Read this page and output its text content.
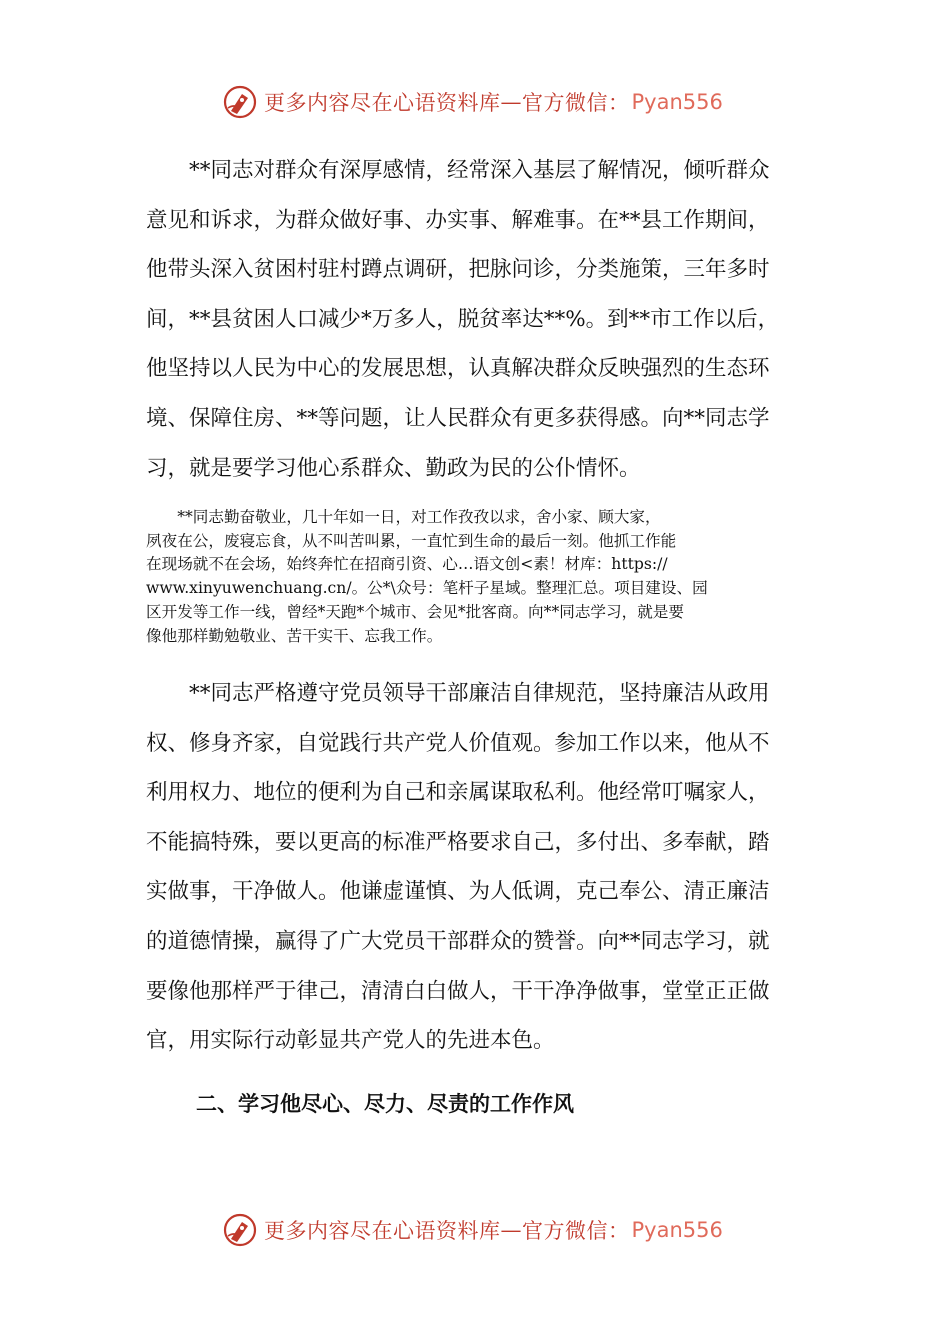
更多内容尽在心语资料库 — 官方微信： Pyan556
　　**同志对群众有深厚感情，经常深入基层了解情况，倾听群众
意见和诉求，为群众做好事、办实事、解难事。在**县工作期间，
他带头深入贫困村驻村蹲点调研，把脉问诊，分类施策，三年多时
间，**县贫困人口减少*万多人，脱贫率达**%。到**市工作以后，
他坚持以人民为中心的发展思想，认真解决群众反映强烈的生态环
境、保障住房、**等问题，让人民群众有更多获得感。向**同志学
习，就是要学习他心系群众、勤政为民的公仆情怀。
　　**同志勤奋敬业，几十年如一日，对工作孜孜以求，舍小家、顾大家，
夙夜在公，废寝忘食，从不叫苦叫累，一直忙到生命的最后一刻。他抓工作能
在现场就不在会场，始终奔忙在招商引资、心…语文创<素！材库：https://
www.xinyuwenchuang.cn/。公*\众号：笔杆子星域。整理汇总。项目建设、园
区开发等工作一线，曾经*天跑*个城市、会见*批客商。向**同志学习，就是要
像他那样勤勉敬业、苦干实干、忘我工作。
　　**同志严格遵守党员领导干部廉洁自律规范，坚持廉洁从政用
权、修身齐家，自觉践行共产党人价值观。参加工作以来，他从不
利用权力、地位的便利为自己和亲属谋取私利。他经常叮嘱家人，
不能搞特殊，要以更高的标准严格要求自己，多付出、多奉献，踏
实做事，干净做人。他谦虚谨慎、为人低调，克己奉公、清正廉洁
的道德情操，赢得了广大党员干部群众的赞誉。向**同志学习，就
要像他那样严于律己，清清白白做人，干干净净做事，堂堂正正做
官，用实际行动彰显共产党人的先进本色。
二、学习他尽心、尽力、尽责的工作作风
更多内容尽在心语资料库 — 官方微信： Pyan556
